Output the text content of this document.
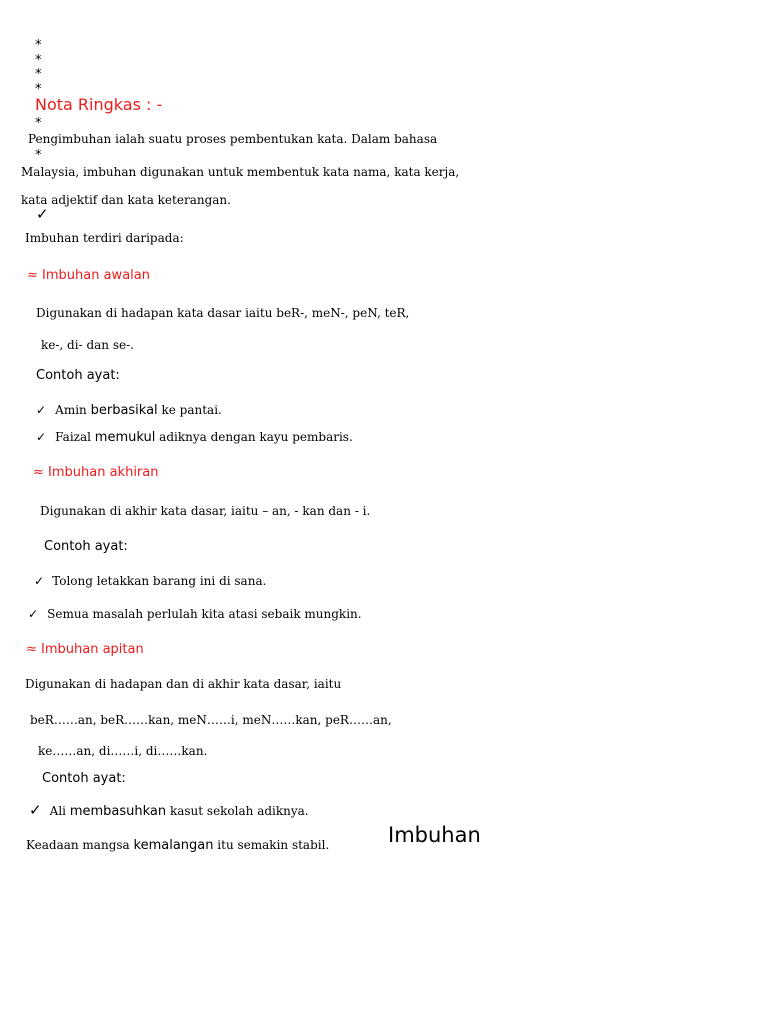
*
*
*
*
Nota Ringkas : -
*
Pengimbuhan ialah suatu proses pembentukan kata. Dalam bahasa
*
Malaysia, imbuhan digunakan untuk membentuk kata nama, kata kerja,
kata adjektif dan kata keterangan.
✓
Imbuhan terdiri daripada:
≈ Imbuhan awalan
Digunakan di hadapan kata dasar iaitu beR-, meN-, peN, teR,
ke-, di- dan se-.
Contoh ayat:
✓ Amin berbasikal ke pantai.
✓ Faizal memukul adiknya dengan kayu pembaris.
≈ Imbuhan akhiran
Digunakan di akhir kata dasar, iaitu – an, - kan dan - i.
Contoh ayat:
✓ Tolong letakkan barang ini di sana.
✓ Semua masalah perlulah kita atasi sebaik mungkin.
≈ Imbuhan apitan
Digunakan di hadapan dan di akhir kata dasar, iaitu
beR……an, beR……kan, meN……i, meN……kan, peR……an,
ke……an, di……i, di……kan.
Contoh ayat:
✓ Ali membasuhkan kasut sekolah adiknya.
Keadaan mangsa kemalangan itu semakin stabil.	Imbuhan
